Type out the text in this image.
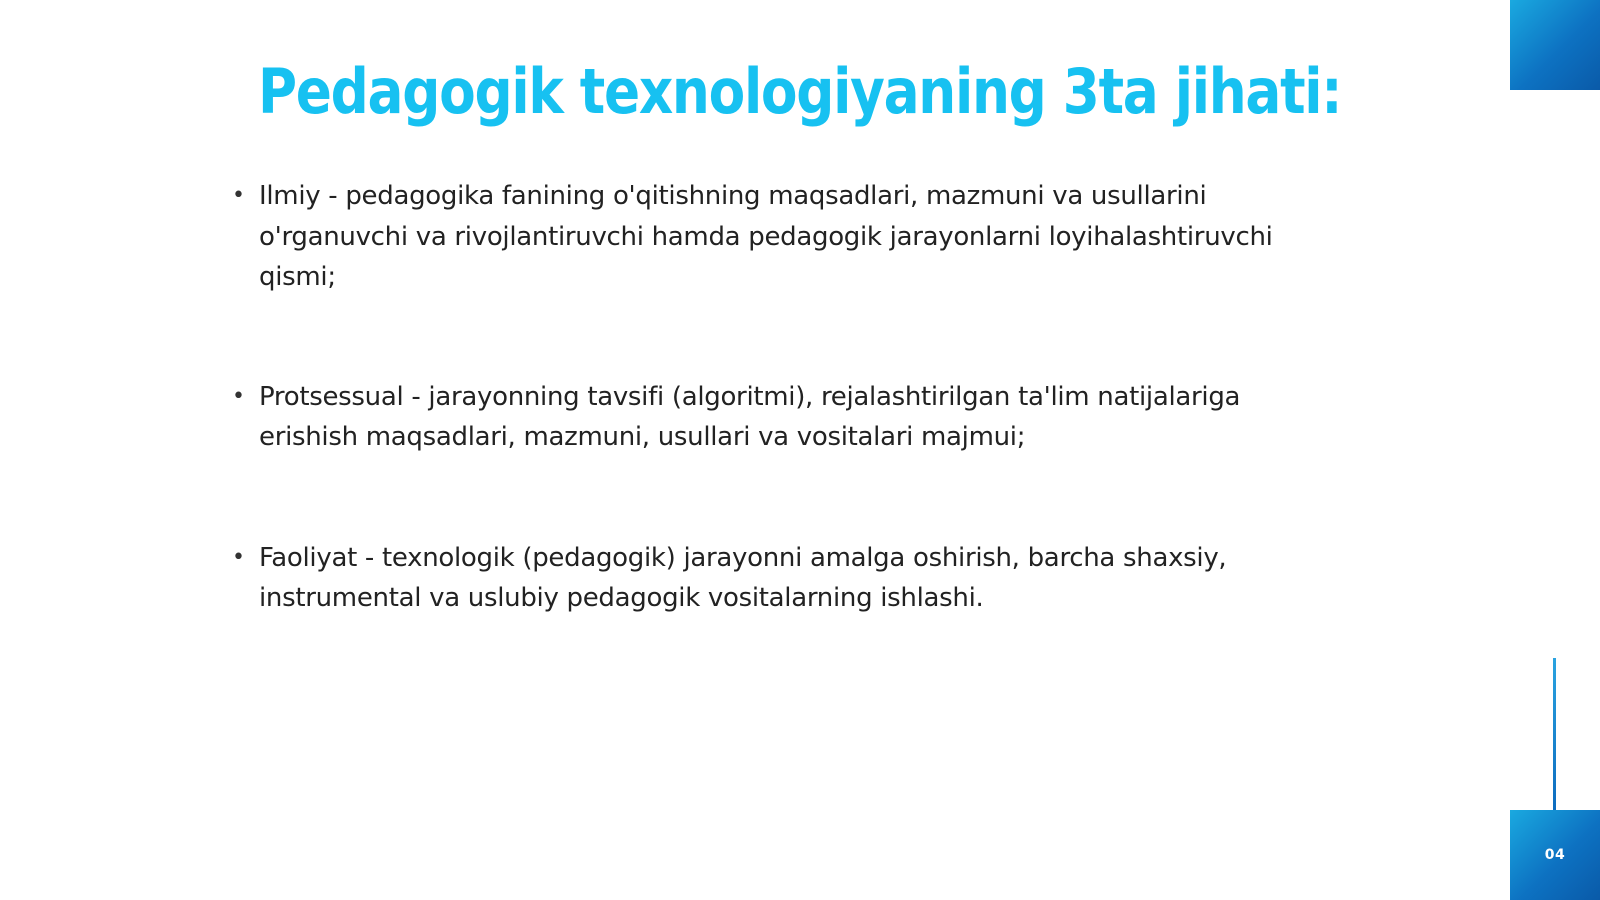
Pedagogik texnologiyaning 3ta jihati:
• Ilmiy - pedagogika fanining o'qitishning maqsadlari, mazmuni va usullarini o'rganuvchi va rivojlantiruvchi hamda pedagogik jarayonlarni loyihalashtiruvchi qismi;
• Protsessual - jarayonning tavsifi (algoritmi), rejalashtirilgan ta'lim natijalariga erishish maqsadlari, mazmuni, usullari va vositalari majmui;
• Faoliyat - texnologik (pedagogik) jarayonni amalga oshirish, barcha shaxsiy, instrumental va uslubiy pedagogik vositalarning ishlashi.
04
